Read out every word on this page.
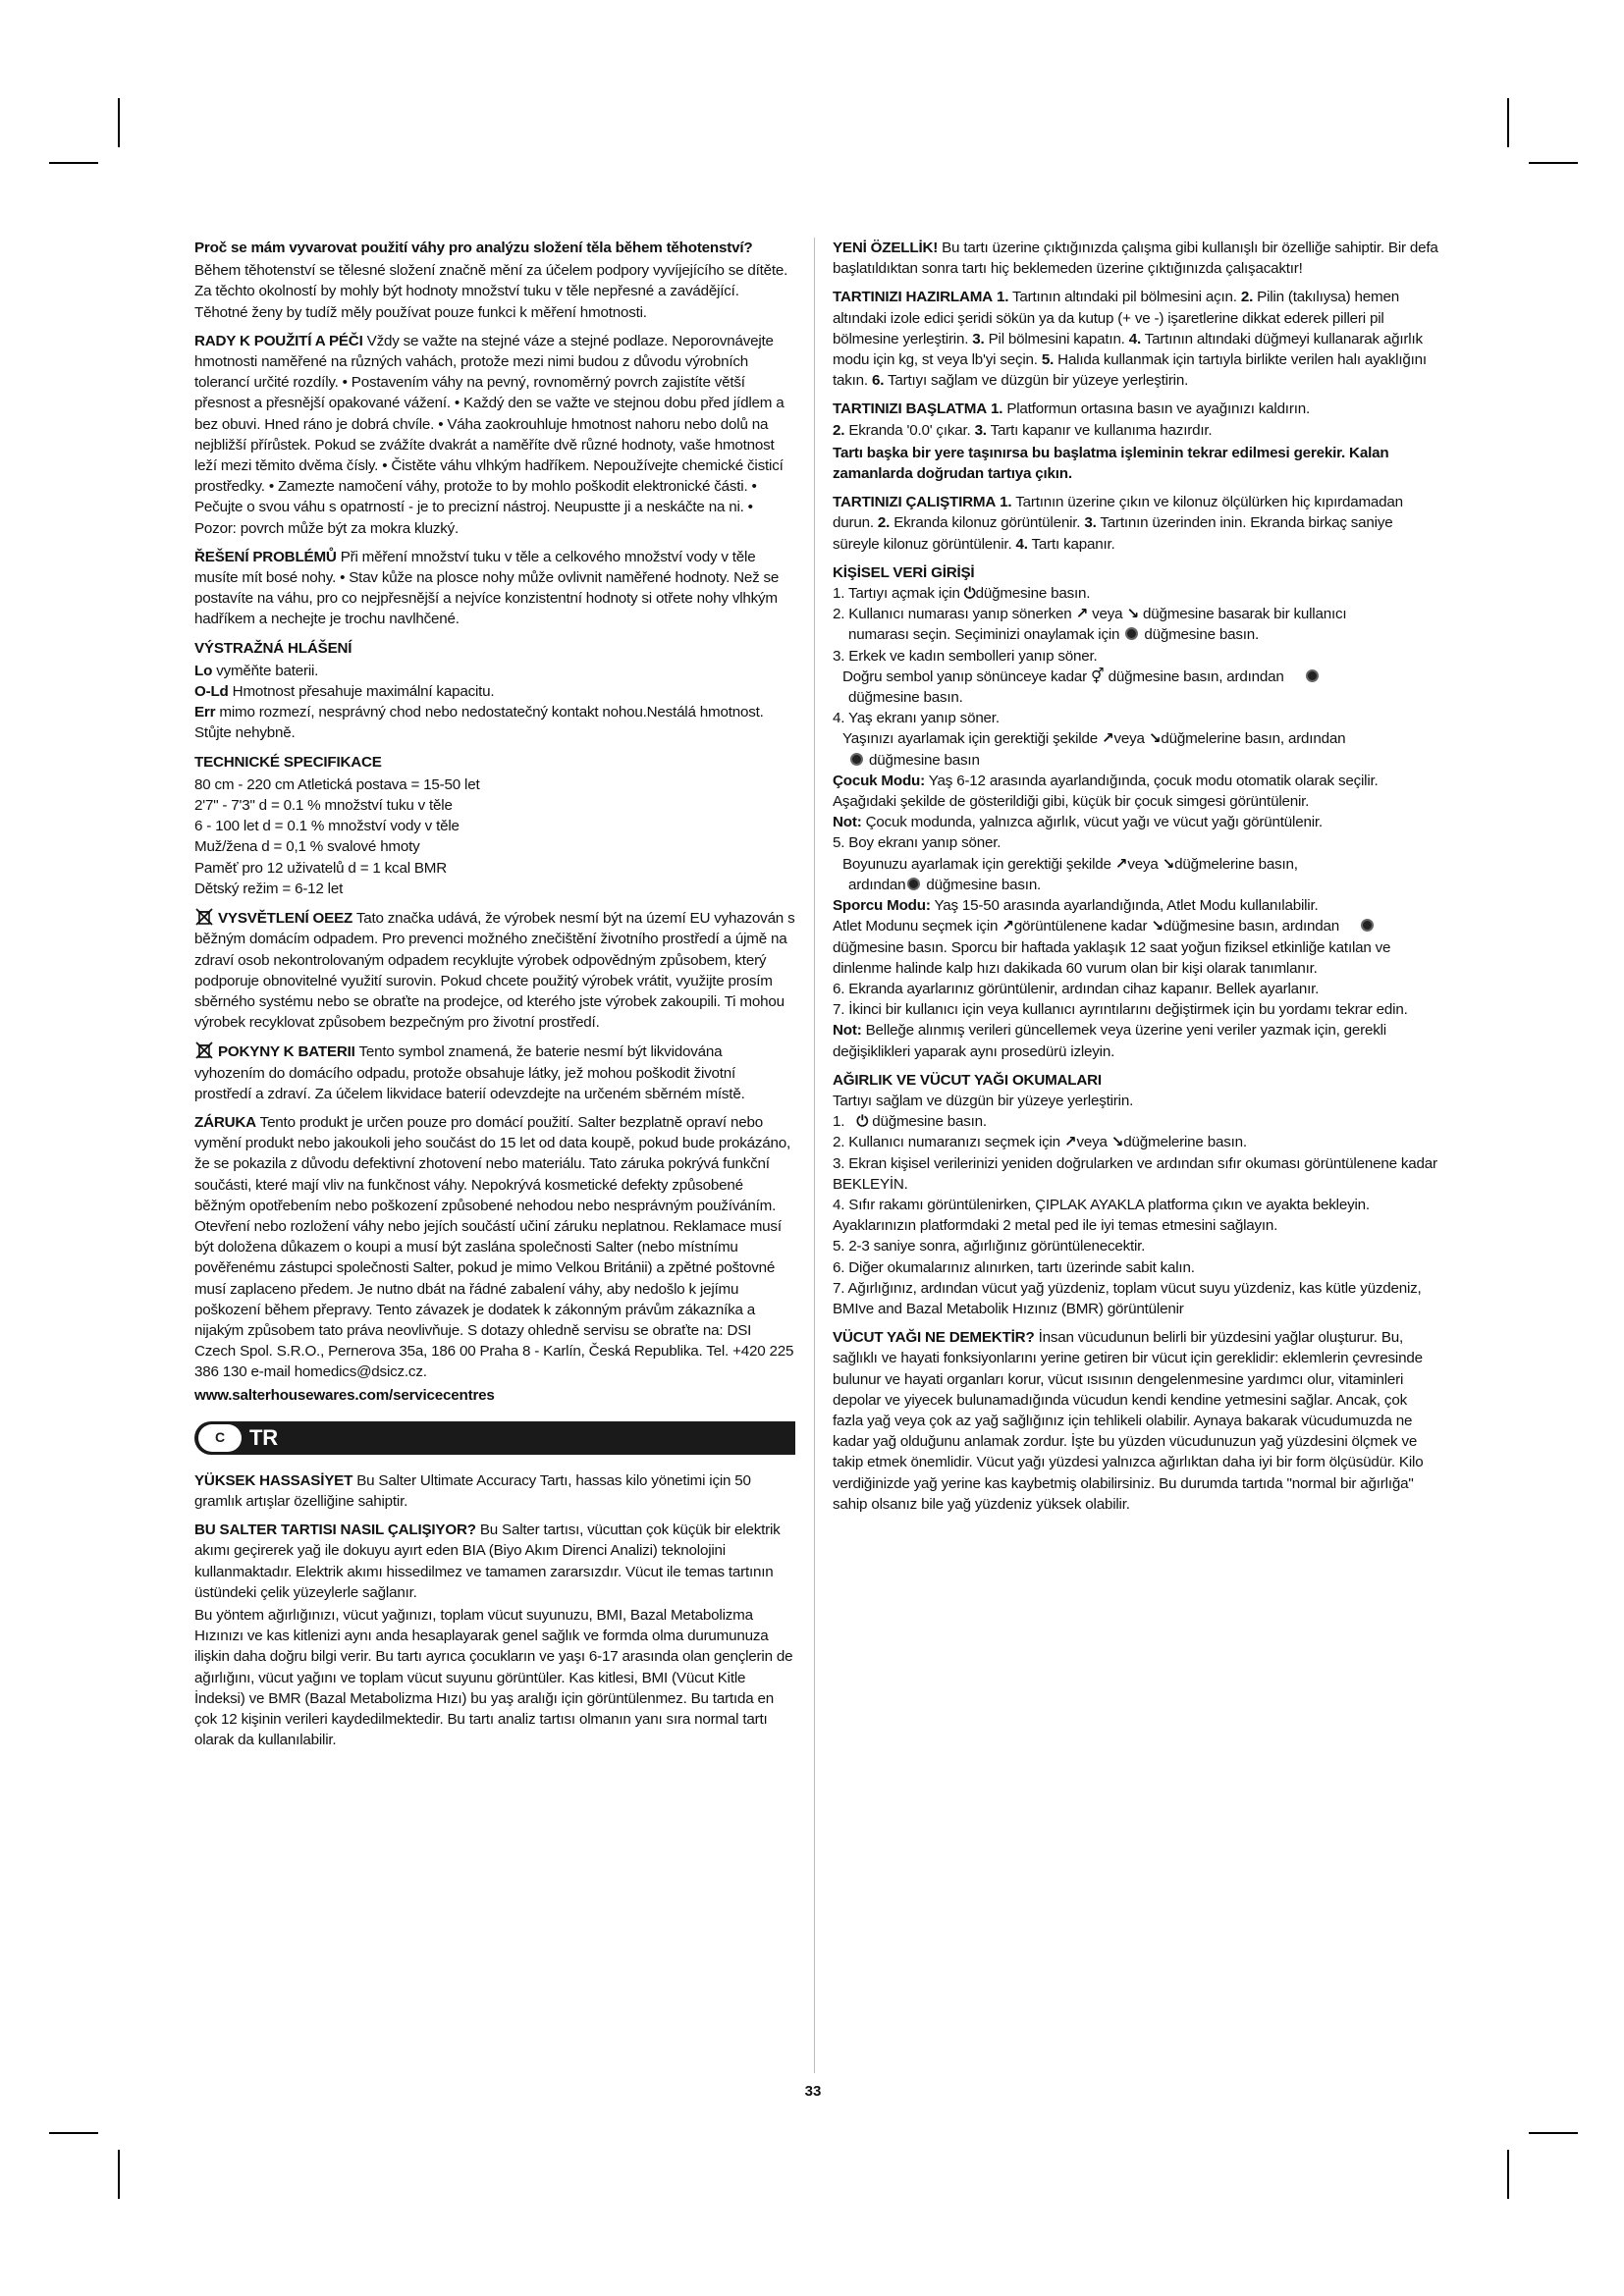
Proč se mám vyvarovat použití váhy pro analýzu složení těla během těhotenství?

Během těhotenství se tělesné složení značně mění za účelem podpory vyvíjejícího se dítěte. Za těchto okolností by mohly být hodnoty množství tuku v těle nepřesné a zavádějící. Těhotné ženy by tudíž měly používat pouze funkci k měření hmotnosti.

RADY K POUŽITÍ A PÉČI Vždy se važte na stejné váze a stejné podlaze. Neporovnávejte hmotnosti naměřené na různých vahách, protože mezi nimi budou z důvodu výrobních tolerancí určité rozdíly. • Postavením váhy na pevný, rovnoměrný povrch zajistíte větší přesnost a přesnější opakované vážení. • Každý den se važte ve stejnou dobu před jídlem a bez obuvi. Hned ráno je dobrá chvíle. • Váha zaokrouhluje hmotnost nahoru nebo dolů na nejbližší přírůstek. Pokud se zvážíte dvakrát a naměříte dvě různé hodnoty, vaše hmotnost leží mezi těmito dvěma čísly. • Čistěte váhu vlhkým hadříkem. Nepoužívejte chemické čisticí prostředky. • Zamezte namočení váhy, protože to by mohlo poškodit elektronické části. • Pečujte o svou váhu s opatrností - je to precizní nástroj. Neupustte ji a neskáčte na ni. • Pozor: povrch může být za mokra kluzký.

ŘEŠENÍ PROBLÉMŮ Při měření množství tuku v těle a celkového množství vody v těle musíte mít bosé nohy. • Stav kůže na plosce nohy může ovlivnit naměřené hodnoty. Než se postavíte na váhu, pro co nejpřesnější a nejvíce konzistentní hodnoty si otřete nohy vlhkým hadříkem a nechejte je trochu navlhčené.

VÝSTRAŽNÁ HLÁŠENÍ

Lo vyměňte baterii.
O-Ld Hmotnost přesahuje maximální kapacitu.
Err mimo rozmezí, nesprávný chod nebo nedostatečný kontakt nohou.Nestálá hmotnost. Stůjte nehybně.

TECHNICKÉ SPECIFIKACE

80 cm - 220 cm Atletická postava = 15-50 let
2'7" - 7'3" d = 0.1 % množství tuku v těle
6 - 100 let d = 0.1 % množství vody v těle
Muž/žena d = 0,1 % svalové hmoty
Paměť pro 12 uživatelů d = 1 kcal BMR
Dětský režim = 6-12 let

VYSVĚTLENÍ OEEZ Tato značka udává, že výrobek nesmí být na území EU vyhazován s běžným domácím odpadem. Pro prevenci možného znečištění životního prostředí a újmě na zdraví osob nekontrolovaným odpadem recyklujte výrobek odpovědným způsobem, který podporuje obnovitelné využití surovin. Pokud chcete použitý výrobek vrátit, využijte prosím sběrného systému nebo se obraťte na prodejce, od kterého jste výrobek zakoupili. Ti mohou výrobek recyklovat způsobem bezpečným pro životní prostředí.

POKYNY K BATERII Tento symbol znamená, že baterie nesmí být likvidována vyhozením do domácího odpadu, protože obsahuje látky, jež mohou poškodit životní prostředí a zdraví. Za účelem likvidace baterií odevzdejte na určeném sběrném místě.

ZÁRUKA Tento produkt je určen pouze pro domácí použití. Salter bezplatně opraví nebo vymění produkt nebo jakoukoli jeho součást do 15 let od data koupě, pokud bude prokázáno, že se pokazila z důvodu defektivní zhotovení nebo materiálu. Tato záruka pokrývá funkční součásti, které mají vliv na funkčnost váhy. Nepokrývá kosmetické defekty způsobené běžným opotřebením nebo poškození způsobené nehodou nebo nesprávným používáním. Otevření nebo rozložení váhy nebo jejích součástí učiní záruku neplatnou. Reklamace musí být doložena důkazem o koupi a musí být zaslána společnosti Salter (nebo místnímu pověřenému zástupci společnosti Salter, pokud je mimo Velkou Británii) a zpětné poštovné musí zaplaceno předem. Je nutno dbát na řádné zabalení váhy, aby nedošlo k jejímu poškození během přepravy. Tento závazek je dodatek k zákonným právům zákazníka a nijakým způsobem tato práva neovlivňuje. S dotazy ohledně servisu se obraťte na: DSI Czech Spol. S.R.O., Pernerova 35a, 186 00 Praha 8 - Karlín, Česká Republika. Tel. +420 225 386 130 e-mail homedics@dsicz.cz.

www.salterhousewares.com/servicecentres

C	TR

YÜKSEK HASSASİYET Bu Salter Ultimate Accuracy Tartı, hassas kilo yönetimi için 50 gramlık artışlar özelliğine sahiptir.

BU SALTER TARTISI NASIL ÇALIŞIYOR? Bu Salter tartısı, vücuttan çok küçük bir elektrik akımı geçirerek yağ ile dokuyu ayırt eden BIA (Biyo Akım Direnci Analizi) teknolojini kullanmaktadır. Elektrik akımı hissedilmez ve tamamen zararsızdır. Vücut ile temas tartının üstündeki çelik yüzeylerle sağlanır.

Bu yöntem ağırlığınızı, vücut yağınızı, toplam vücut suyunuzu, BMI, Bazal Metabolizma Hızınızı ve kas kitlenizi aynı anda hesaplayarak genel sağlık ve formda olma durumunuza ilişkin daha doğru bilgi verir. Bu tartı ayrıca çocukların ve yaşı 6-17 arasında olan gençlerin de ağırlığını, vücut yağını ve toplam vücut suyunu görüntüler. Kas kitlesi, BMI (Vücut Kitle İndeksi) ve BMR (Bazal Metabolizma Hızı) bu yaş aralığı için görüntülenmez. Bu tartıda en çok 12 kişinin verileri kaydedilmektedir. Bu tartı analiz tartısı olmanın yanı sıra normal tartı olarak da kullanılabilir.

YENİ ÖZELLİK! Bu tartı üzerine çıktığınızda çalışma gibi kullanışlı bir özelliğe sahiptir. Bir defa başlatıldıktan sonra tartı hiç beklemeden üzerine çıktığınızda çalışacaktır!

TARTINIZI HAZIRLAMA 1. Tartının altındaki pil bölmesini açın. 2. Pilin (takılıysa) hemen altındaki izole edici şeridi sökün ya da kutup (+ ve -) işaretlerine dikkat ederek pilleri pil bölmesine yerleştirin. 3. Pil bölmesini kapatın. 4. Tartının altındaki düğmeyi kullanarak ağırlık modu için kg, st veya lb'yi seçin. 5. Halıda kullanmak için tartıyla birlikte verilen halı ayaklığını takın. 6. Tartıyı sağlam ve düzgün bir yüzeye yerleştirin.

TARTINIZI BAŞLATMA 1. Platformun ortasına basın ve ayağınızı kaldırın.
2. Ekranda '0.0' çıkar. 3. Tartı kapanır ve kullanıma hazırdır.

Tartı başka bir yere taşınırsa bu başlatma işleminin tekrar edilmesi gerekir. Kalan zamanlarda doğrudan tartıya çıkın.

TARTINIZI ÇALIŞTIRMA 1. Tartının üzerine çıkın ve kilonuz ölçülürken hiç kıpırdamadan durun. 2. Ekranda kilonuz görüntülenir. 3. Tartının üzerinden inin. Ekranda birkaç saniye süreyle kilonuz görüntülenir. 4. Tartı kapanır.

KİŞİSEL VERİ GİRİŞİ

1. Tartıyı açmak için ⏻düğmesine basın.
2. Kullanıcı numarası yanıp sönerken ↗ veya ↘ düğmesine basarak bir kullanıcı
numarası seçin. Seçiminizi onaylamak için düğmesine basın.
3. Erkek ve kadın sembolleri yanıp söner.
Doğru sembol yanıp sönünceye kadar ⚥ düğmesine basın, ardından
düğmesine basın.
4. Yaş ekranı yanıp söner.
Yaşınızı ayarlamak için gerektiği şekilde ↗veya ↘düğmelerine basın, ardından
düğmesine basın

Çocuk Modu: Yaş 6-12 arasında ayarlandığında, çocuk modu otomatik olarak seçilir. Aşağıdaki şekilde de gösterildiği gibi, küçük bir çocuk simgesi görüntülenir.

Not: Çocuk modunda, yalnızca ağırlık, vücut yağı ve vücut yağı görüntülenir.

5. Boy ekranı yanıp söner.
Boyunuzu ayarlamak için gerektiği şekilde ↗veya ↘düğmelerine basın,
ardından düğmesine basın.

Sporcu Modu: Yaş 15-50 arasında ayarlandığında, Atlet Modu kullanılabilir.
Atlet Modunu seçmek için ↗görüntülenene kadar ↘düğmesine basın, ardından
düğmesine basın. Sporcu bir haftada yaklaşık 12 saat yoğun fiziksel etkinliğe katılan ve dinlenme halinde kalp hızı dakikada 60 vurum olan bir kişi olarak tanımlanır.

6. Ekranda ayarlarınız görüntülenir, ardından cihaz kapanır. Bellek ayarlanır.
7. İkinci bir kullanıcı için veya kullanıcı ayrıntılarını değiştirmek için bu yordamı tekrar edin.

Not: Belleğe alınmış verileri güncellemek veya üzerine yeni veriler yazmak için, gerekli değişiklikleri yaparak aynı prosedürü izleyin.

AĞIRLIK VE VÜCUT YAĞI OKUMALARI

Tartıyı sağlam ve düzgün bir yüzeye yerleştirin.
1. ⏻ düğmesine basın.
2. Kullanıcı numaranızı seçmek için ↗veya ↘düğmelerine basın.
3. Ekran kişisel verilerinizi yeniden doğrularken ve ardından sıfır okuması görüntülenene kadar BEKLEYİN.
4. Sıfır rakamı görüntülenirken, ÇIPLAK AYAKLA platforma çıkın ve ayakta bekleyin. Ayaklarınızın platformdaki 2 metal ped ile iyi temas etmesini sağlayın.
5. 2-3 saniye sonra, ağırlığınız görüntülenecektir.
6. Diğer okumalarınız alınırken, tartı üzerinde sabit kalın.
7. Ağırlığınız, ardından vücut yağ yüzdeniz, toplam vücut suyu yüzdeniz, kas kütle yüzdeniz, BMIve and Bazal Metabolik Hızınız (BMR) görüntülenir

VÜCUT YAĞI NE DEMEKTİR? İnsan vücudunun belirli bir yüzdesini yağlar oluşturur. Bu, sağlıklı ve hayati fonksiyonlarını yerine getiren bir vücut için gereklidir: eklemlerin çevresinde bulunur ve hayati organları korur, vücut ısısının dengelenmesine yardımcı olur, vitaminleri depolar ve yiyecek bulunamadığında vücudun kendi kendine yetmesini sağlar. Ancak, çok fazla yağ veya çok az yağ sağlığınız için tehlikeli olabilir. Aynaya bakarak vücudumuzda ne kadar yağ olduğunu anlamak zordur. İşte bu yüzden vücudunuzun yağ yüzdesini ölçmek ve takip etmek önemlidir. Vücut yağı yüzdesi yalnızca ağırlıktan daha iyi bir form ölçüsüdür. Kilo verdiğinizde yağ yerine kas kaybetmiş olabilirsiniz. Bu durumda tartıda "normal bir ağırlığa" sahip olsanız bile yağ yüzdeniz yüksek olabilir.

33
